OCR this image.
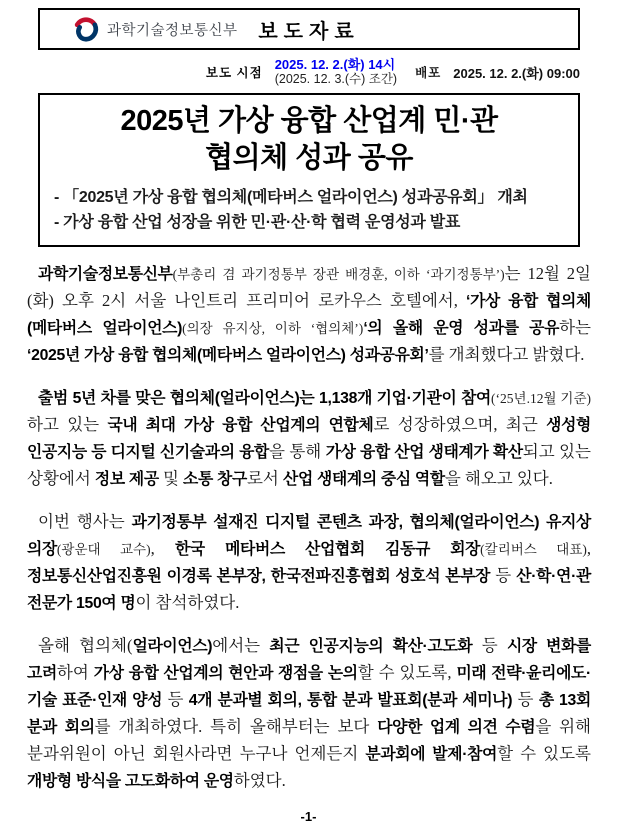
과학기술정보통신부	보도자료
보도 시점
2025. 12. 2.(화) 14시
(2025. 12. 3.(수) 조간) 배포 2025. 12. 2.(화) 09:00
2025년 가상 융합 산업계 민·관
협의체 성과 공유
- 「2025년 가상 융합 협의체(메타버스 얼라이언스) 성과공유회」 개최
- 가상 융합 산업 성장을 위한 민·관·산·학 협력 운영성과 발표

과학기술정보통신부(부총리 겸 과기정통부 장관 배경훈, 이하 ‘과기정통부’)는 12월 2일(화) 오후 2시 서울 나인트리 프리미어 로카우스 호텔에서, ‘가상 융합 협의체(메타버스 얼라이언스)(의장 유지상, 이하 ‘협의체’)‘의 올해 운영 성과를 공유하는 ‘2025년 가상 융합 협의체(메타버스 얼라이언스) 성과공유회’를 개최했다고 밝혔다.

출범 5년 차를 맞은 협의체(얼라이언스)는 1,138개 기업·기관이 참여(‘25년.12월 기준)하고 있는 국내 최대 가상 융합 산업계의 연합체로 성장하였으며, 최근 생성형 인공지능 등 디지털 신기술과의 융합을 통해 가상 융합 산업 생태계가 확산되고 있는 상황에서 정보 제공 및 소통 창구로서 산업 생태계의 중심 역할을 해오고 있다.

이번 행사는 과기정통부 설재진 디지털 콘텐츠 과장, 협의체(얼라이언스) 유지상 의장(광운대 교수), 한국 메타버스 산업협회 김동규 회장(칼리버스 대표), 정보통신산업진흥원 이경록 본부장, 한국전파진흥협회 성호석 본부장 등 산·학·연·관 전문가 150여 명이 참석하였다.

올해 협의체(얼라이언스)에서는 최근 인공지능의 확산·고도화 등 시장 변화를 고려하여 가상 융합 산업계의 현안과 쟁점을 논의할 수 있도록, 미래 전략·윤리에도·기술 표준·인재 양성 등 4개 분과별 회의, 통합 분과 발표회(분과 세미나) 등 총 13회 분과 회의를 개최하였다. 특히 올해부터는 보다 다양한 업계 의견 수렴을 위해 분과위원이 아닌 회원사라면 누구나 언제든지 분과회에 발제·참여할 수 있도록 개방형 방식을 고도화하여 운영하였다.

-1-
